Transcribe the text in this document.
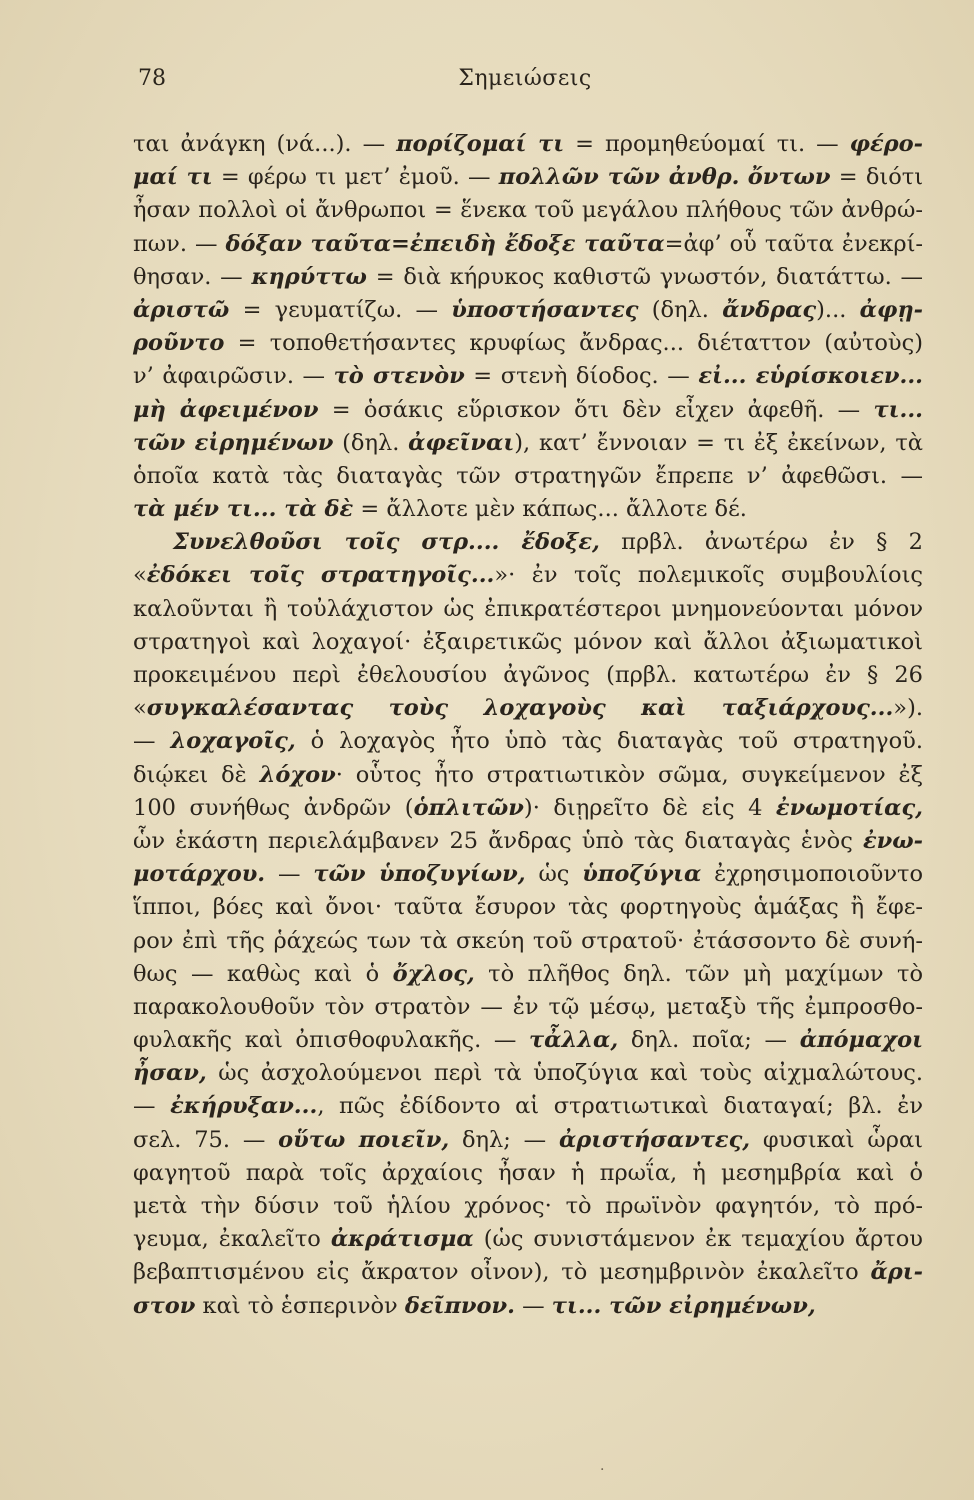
78	Σημειώσεις
ται ἀνάγκη (νά...). — πορίζομαί τι = προμηθεύομαί τι. — φέρο-
μαί τι = φέρω τι μετ’ ἐμοῦ. — πολλῶν τῶν ἀνθρ. ὄντων = διότι
ἦσαν πολλοὶ οἱ ἄνθρωποι = ἕνεκα τοῦ μεγάλου πλήθους τῶν ἀνθρώ-
πων. — δόξαν ταῦτα=ἐπειδὴ ἔδοξε ταῦτα=ἀφ’ οὗ ταῦτα ἐνεκρί-
θησαν. — κηρύττω = διὰ κήρυκος καθιστῶ γνωστόν, διατάττω. —
ἀριστῶ = γευματίζω. — ὑποστήσαντες (δηλ. ἄνδρας)... ἀφῃ-
ροῦντο = τοποθετήσαντες κρυφίως ἄνδρας... διέταττον (αὐτοὺς)
ν’ ἀφαιρῶσιν. — τὸ στενὸν = στενὴ δίοδος. — εἰ... εὑρίσκοιεν...
μὴ ἀφειμένον = ὁσάκις εὕρισκον ὅτι δὲν εἶχεν ἀφεθῆ. — τι...
τῶν εἰρημένων (δηλ. ἀφεῖναι), κατ’ ἔννοιαν = τι ἐξ ἐκείνων, τὰ
ὁποῖα κατὰ τὰς διαταγὰς τῶν στρατηγῶν ἔπρεπε ν’ ἀφεθῶσι. —
τὰ μέν τι... τὰ δὲ = ἄλλοτε μὲν κάπως... ἄλλοτε δέ.
Συνελθοῦσι τοῖς στρ.... ἔδοξε, πρβλ. ἀνωτέρω ἐν § 2
«ἐδόκει τοῖς στρατηγοῖς...»· ἐν τοῖς πολεμικοῖς συμβουλίοις
καλοῦνται ἢ τοὐλάχιστον ὡς ἐπικρατέστεροι μνημονεύονται μόνον
στρατηγοὶ καὶ λοχαγοί· ἐξαιρετικῶς μόνον καὶ ἄλλοι ἀξιωματικοὶ
προκειμένου περὶ ἐθελουσίου ἀγῶνος (πρβλ. κατωτέρω ἐν § 26
«συγκαλέσαντας τοὺς λοχαγοὺς καὶ ταξιάρχους...»).
— λοχαγοῖς, ὁ λοχαγὸς ἦτο ὑπὸ τὰς διαταγὰς τοῦ στρατηγοῦ.
διῴκει δὲ λόχον· οὗτος ἦτο στρατιωτικὸν σῶμα, συγκείμενον ἐξ
100 συνήθως ἀνδρῶν (ὁπλιτῶν)· διῃρεῖτο δὲ εἰς 4 ἐνωμοτίας,
ὧν ἑκάστη περιελάμβανεν 25 ἄνδρας ὑπὸ τὰς διαταγὰς ἑνὸς ἐνω-
μοτάρχου. — τῶν ὑποζυγίων, ὡς ὑποζύγια ἐχρησιμοποιοῦντο
ἵπποι, βόες καὶ ὄνοι· ταῦτα ἔσυρον τὰς φορτηγοὺς ἁμάξας ἢ ἔφε-
ρον ἐπὶ τῆς ῥάχεώς των τὰ σκεύη τοῦ στρατοῦ· ἐτάσσοντο δὲ συνή-
θως — καθὼς καὶ ὁ ὄχλος, τὸ πλῆθος δηλ. τῶν μὴ μαχίμων τὸ
παρακολουθοῦν τὸν στρατὸν — ἐν τῷ μέσῳ, μεταξὺ τῆς ἐμπροσθο-
φυλακῆς καὶ ὀπισθοφυλακῆς. — τἆλλα, δηλ. ποῖα; — ἀπόμαχοι
ἦσαν, ὡς ἀσχολούμενοι περὶ τὰ ὑποζύγια καὶ τοὺς αἰχμαλώτους.
— ἐκήρυξαν..., πῶς ἐδίδοντο αἱ στρατιωτικαὶ διαταγαί; βλ. ἐν
σελ. 75. — οὕτω ποιεῖν, δηλ; — ἀριστήσαντες, φυσικαὶ ὧραι
φαγητοῦ παρὰ τοῖς ἀρχαίοις ἦσαν ἡ πρωΐα, ἡ μεσημβρία καὶ ὁ
μετὰ τὴν δύσιν τοῦ ἡλίου χρόνος· τὸ πρωϊνὸν φαγητόν, τὸ πρό-
γευμα, ἐκαλεῖτο ἀκράτισμα (ὡς συνιστάμενον ἐκ τεμαχίου ἄρτου
βεβαπτισμένου εἰς ἄκρατον οἶνον), τὸ μεσημβρινὸν ἐκαλεῖτο ἄρι-
στον καὶ τὸ ἑσπερινὸν δεῖπνον. — τι... τῶν εἰρημένων,
·
